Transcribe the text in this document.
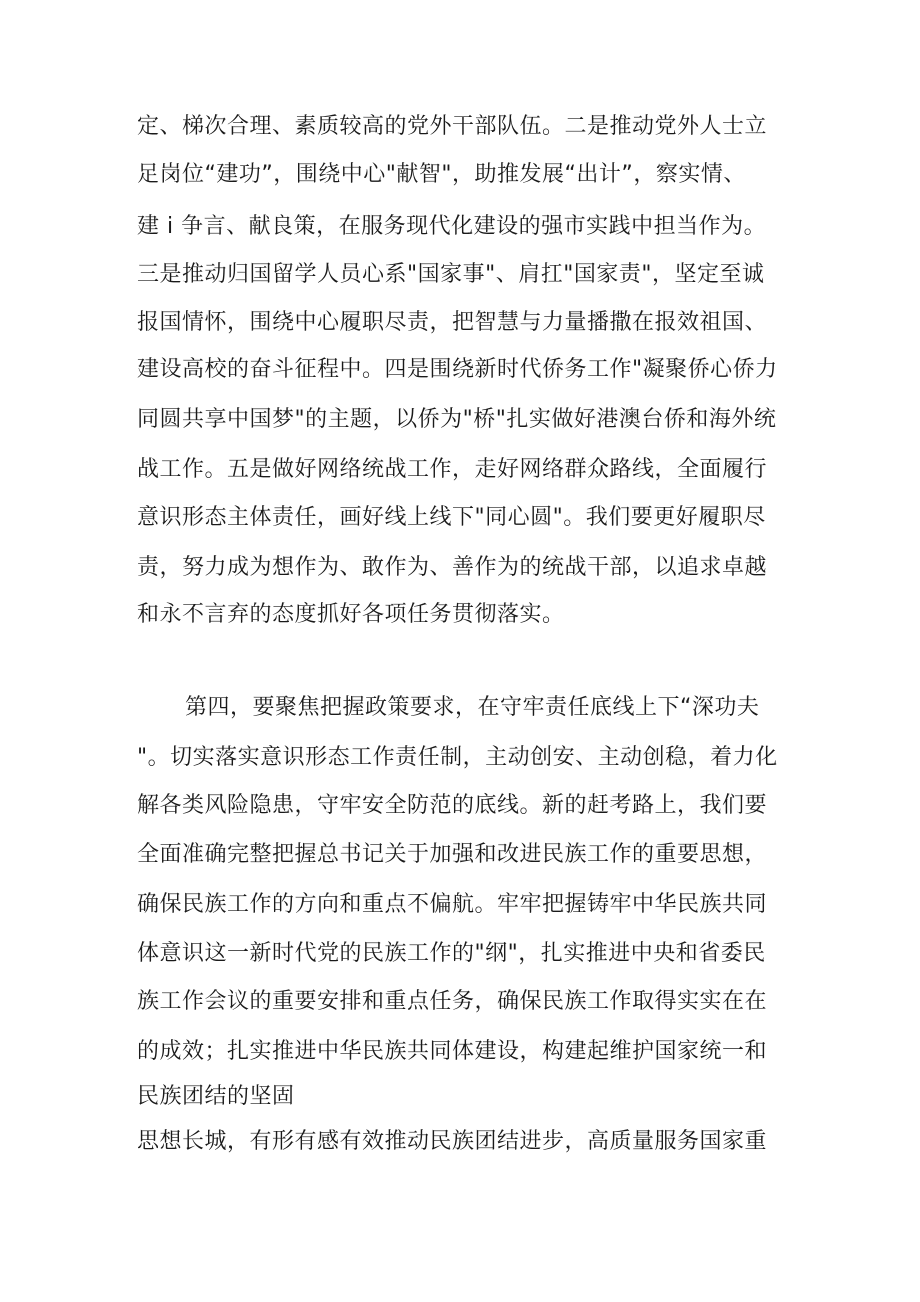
定、梯次合理、素质较高的党外干部队伍。二是推动党外人士立
足岗位“建功”，围绕中心"献智"，助推发展“出计”，察实情、
建 i 争言、献良策，在服务现代化建设的强市实践中担当作为。
三是推动归国留学人员心系"国家事"、肩扛"国家责"，坚定至诚
报国情怀，围绕中心履职尽责，把智慧与力量播撒在报效祖国、
建设高校的奋斗征程中。四是围绕新时代侨务工作"凝聚侨心侨力
同圆共享中国梦"的主题，以侨为"桥"扎实做好港澳台侨和海外统
战工作。五是做好网络统战工作，走好网络群众路线，全面履行
意识形态主体责任，画好线上线下"同心圆"。我们要更好履职尽
责，努力成为想作为、敢作为、善作为的统战干部，以追求卓越
和永不言弃的态度抓好各项任务贯彻落实。
第四，要聚焦把握政策要求，在守牢责任底线上下“深功夫
"。切实落实意识形态工作责任制，主动创安、主动创稳，着力化
解各类风险隐患，守牢安全防范的底线。新的赶考路上，我们要
全面准确完整把握总书记关于加强和改进民族工作的重要思想，
确保民族工作的方向和重点不偏航。牢牢把握铸牢中华民族共同
体意识这一新时代党的民族工作的"纲"，扎实推进中央和省委民
族工作会议的重要安排和重点任务，确保民族工作取得实实在在
的成效；扎实推进中华民族共同体建设，构建起维护国家统一和
民族团结的坚固
思想长城，有形有感有效推动民族团结进步，高质量服务国家重
